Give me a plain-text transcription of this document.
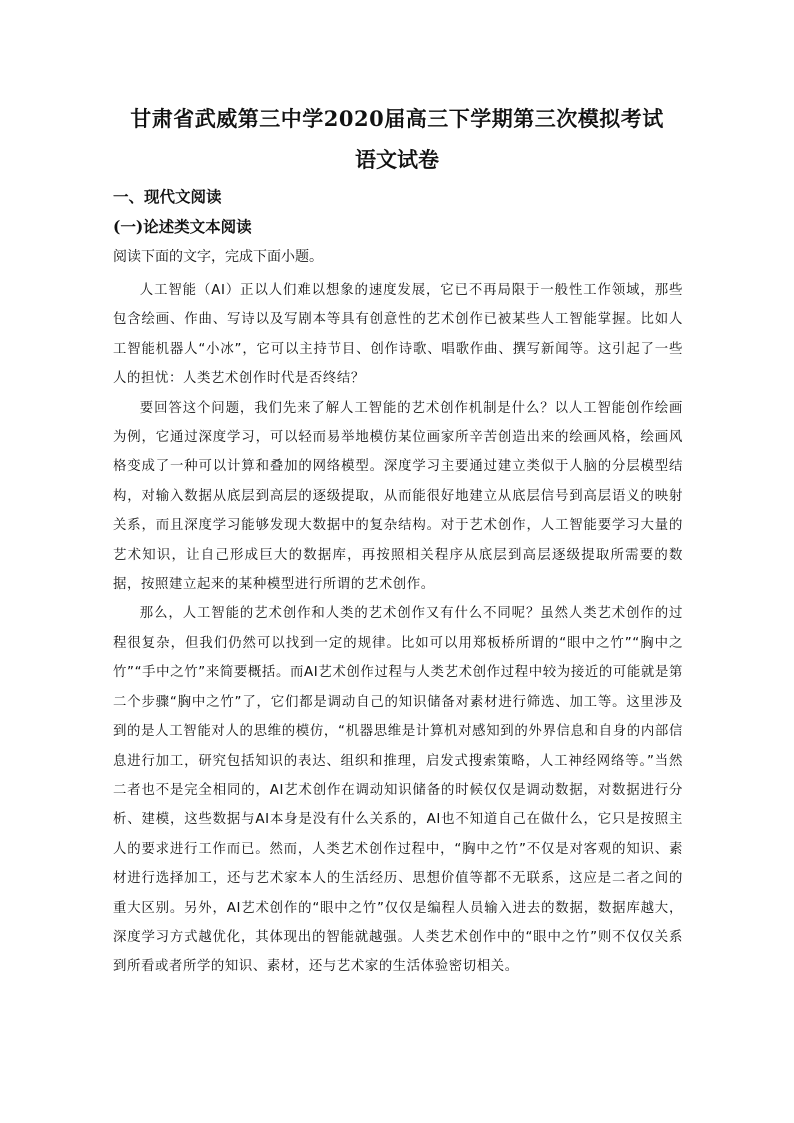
甘肃省武威第三中学2020届高三下学期第三次模拟考试
语文试卷
一、现代文阅读
(一)论述类文本阅读
阅读下面的文字，完成下面小题。

人工智能（AI）正以人们难以想象的速度发展，它已不再局限于一般性工作领域，那些包含绘画、作曲、写诗以及写剧本等具有创意性的艺术创作已被某些人工智能掌握。比如人工智能机器人“小冰”，它可以主持节目、创作诗歌、唱歌作曲、撰写新闻等。这引起了一些人的担忧：人类艺术创作时代是否终结？

要回答这个问题，我们先来了解人工智能的艺术创作机制是什么？以人工智能创作绘画为例，它通过深度学习，可以轻而易举地模仿某位画家所辛苦创造出来的绘画风格，绘画风格变成了一种可以计算和叠加的网络模型。深度学习主要通过建立类似于人脑的分层模型结构，对输入数据从底层到高层的逐级提取，从而能很好地建立从底层信号到高层语义的映射关系，而且深度学习能够发现大数据中的复杂结构。对于艺术创作，人工智能要学习大量的艺术知识，让自己形成巨大的数据库，再按照相关程序从底层到高层逐级提取所需要的数据，按照建立起来的某种模型进行所谓的艺术创作。

那么，人工智能的艺术创作和人类的艺术创作又有什么不同呢？虽然人类艺术创作的过程很复杂，但我们仍然可以找到一定的规律。比如可以用郑板桥所谓的“眼中之竹”“胸中之竹”“手中之竹”来简要概括。而AI艺术创作过程与人类艺术创作过程中较为接近的可能就是第二个步骤“胸中之竹”了，它们都是调动自己的知识储备对素材进行筛选、加工等。这里涉及到的是人工智能对人的思维的模仿，“机器思维是计算机对感知到的外界信息和自身的内部信息进行加工，研究包括知识的表达、组织和推理，启发式搜索策略，人工神经网络等。”当然二者也不是完全相同的，AI艺术创作在调动知识储备的时候仅仅是调动数据，对数据进行分析、建模，这些数据与AI本身是没有什么关系的，AI也不知道自己在做什么，它只是按照主人的要求进行工作而已。然而，人类艺术创作过程中，“胸中之竹”不仅是对客观的知识、素材进行选择加工，还与艺术家本人的生活经历、思想价值等都不无联系，这应是二者之间的重大区别。另外，AI艺术创作的“眼中之竹”仅仅是编程人员输入进去的数据，数据库越大，深度学习方式越优化，其体现出的智能就越强。人类艺术创作中的“眼中之竹”则不仅仅关系到所看或者所学的知识、素材，还与艺术家的生活体验密切相关。
